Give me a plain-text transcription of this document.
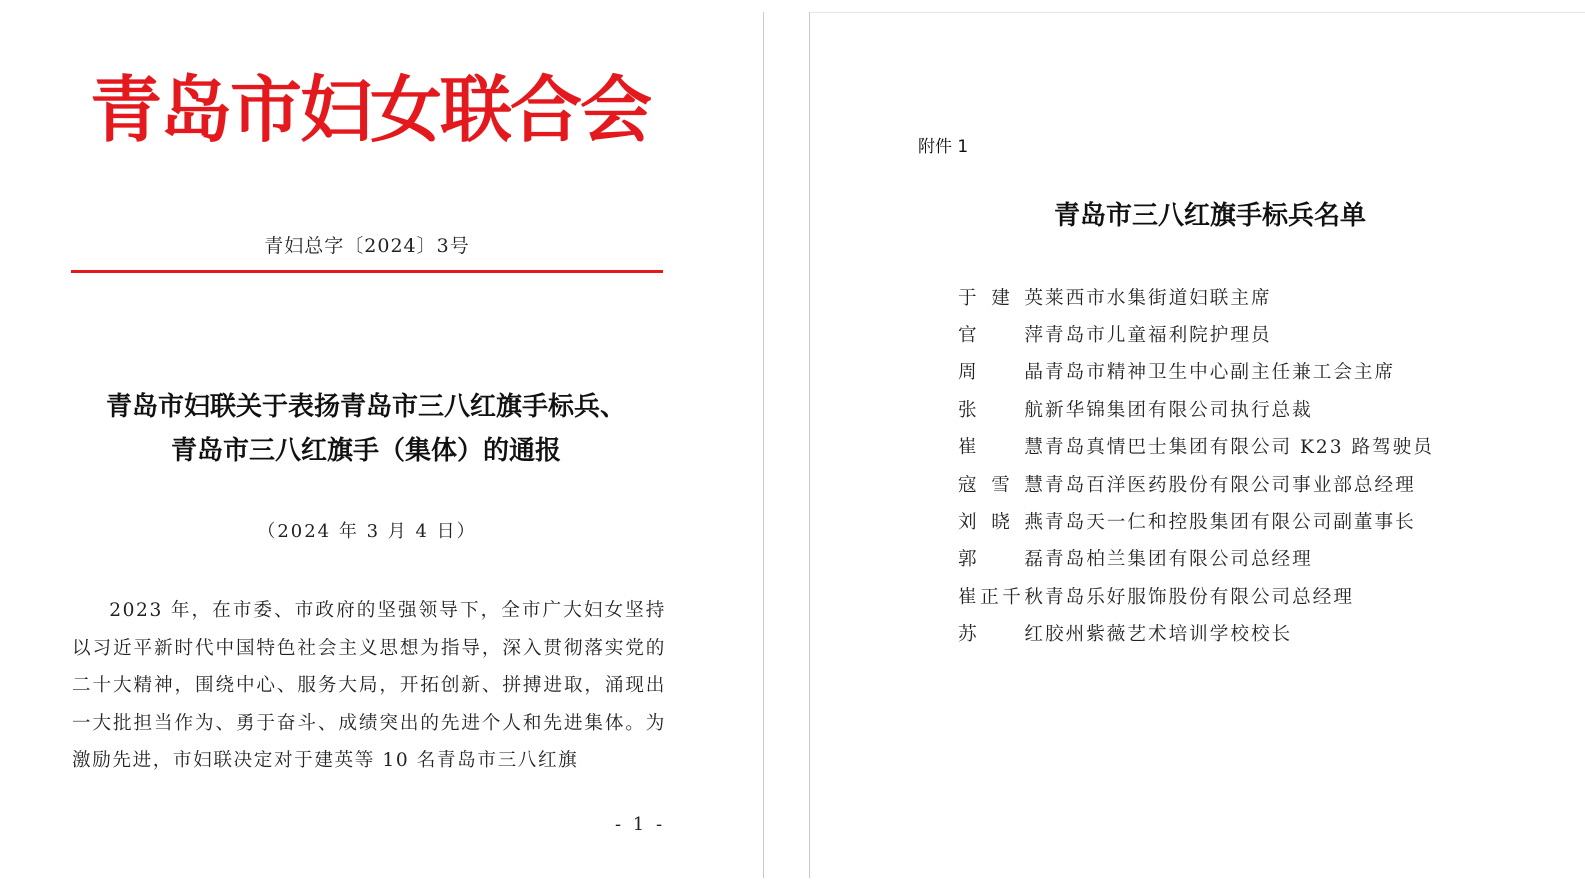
青岛市妇女联合会
青妇总字〔2024〕3号
青岛市妇联关于表扬青岛市三八红旗手标兵、
青岛市三八红旗手（集体）的通报
（2024 年 3 月 4 日）
2023 年，在市委、市政府的坚强领导下，全市广大妇女坚持以习近平新时代中国特色社会主义思想为指导，深入贯彻落实党的二十大精神，围绕中心、服务大局，开拓创新、拼搏进取，涌现出一大批担当作为、勇于奋斗、成绩突出的先进个人和先进集体。为激励先进，市妇联决定对于建英等 10 名青岛市三八红旗
- 1 -
附件 1
青岛市三八红旗手标兵名单
于建英 莱西市水集街道妇联主席
官萍 青岛市儿童福利院护理员
周晶 青岛市精神卫生中心副主任兼工会主席
张航 新华锦集团有限公司执行总裁
崔慧 青岛真情巴士集团有限公司 K23 路驾驶员
寇雪慧 青岛百洋医药股份有限公司事业部总经理
刘晓燕 青岛天一仁和控股集团有限公司副董事长
郭磊 青岛柏兰集团有限公司总经理
崔正千秋 青岛乐好服饰股份有限公司总经理
苏红 胶州紫薇艺术培训学校校长
